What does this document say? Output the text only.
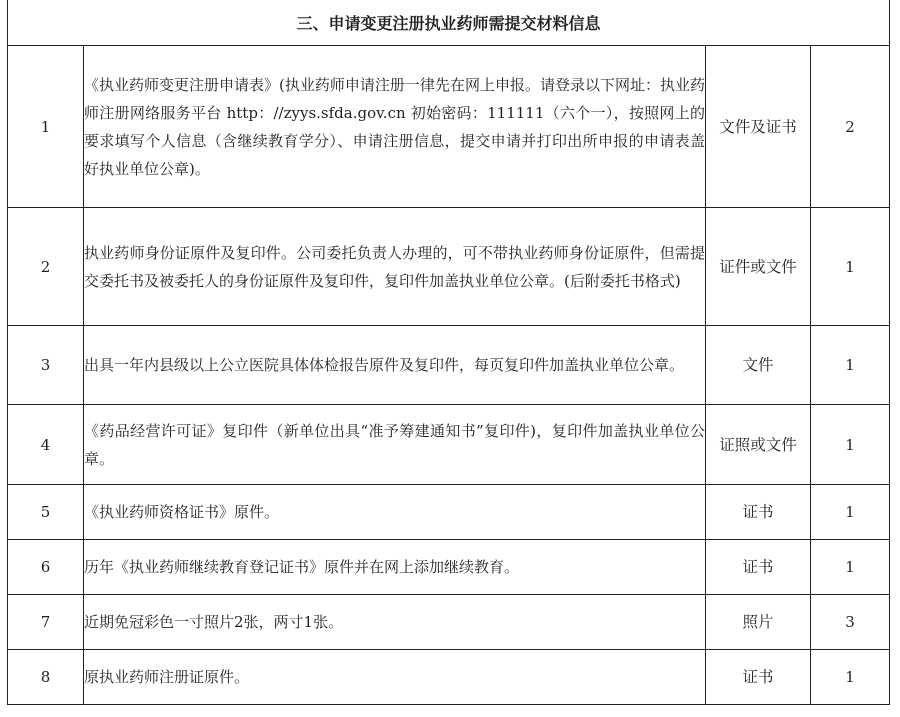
三、申请变更注册执业药师需提交材料信息			
1	《执业药师变更注册申请表》(执业药师申请注册一律先在网上申报。请登录以下网址：执业药师注册网络服务平台 http：//zyys.sfda.gov.cn 初始密码：111111（六个一），按照网上的要求填写个人信息（含继续教育学分）、申请注册信息，提交申请并打印出所申报的申请表盖好执业单位公章)。	文件及证书	2
2	执业药师身份证原件及复印件。公司委托负责人办理的，可不带执业药师身份证原件，但需提交委托书及被委托人的身份证原件及复印件，复印件加盖执业单位公章。(后附委托书格式)	证件或文件	1
3	出具一年内县级以上公立医院具体体检报告原件及复印件，每页复印件加盖执业单位公章。	文件	1
4	《药品经营许可证》复印件（新单位出具“准予筹建通知书”复印件)，复印件加盖执业单位公章。	证照或文件	1
5	《执业药师资格证书》原件。	证书	1
6	历年《执业药师继续教育登记证书》原件并在网上添加继续教育。	证书	1
7	近期免冠彩色一寸照片2张，两寸1张。	照片	3
8	原执业药师注册证原件。	证书	1
